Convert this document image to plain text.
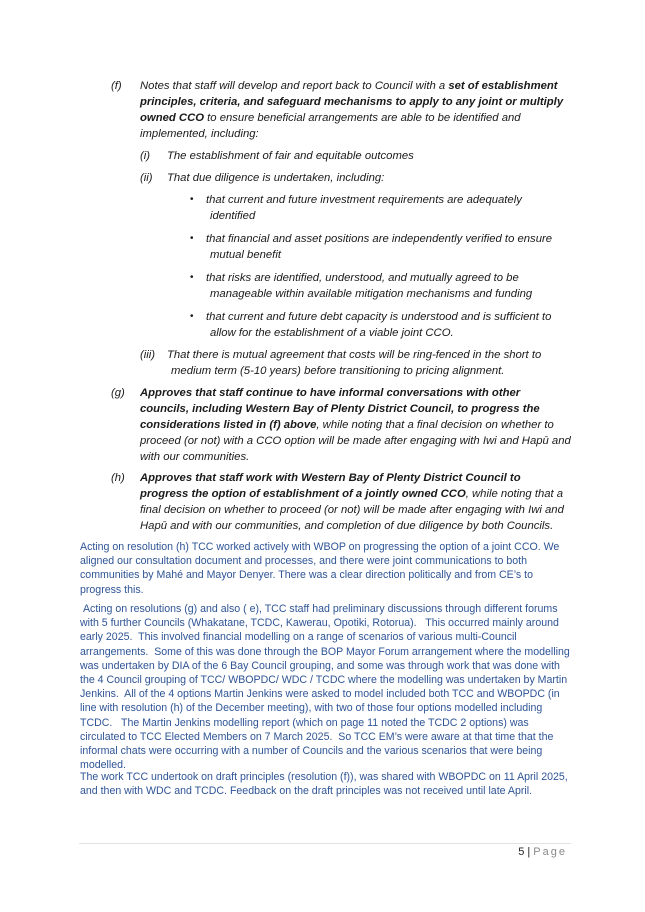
(f)	Notes that staff will develop and report back to Council with a set of establishment principles, criteria, and safeguard mechanisms to apply to any joint or multiply owned CCO to ensure beneficial arrangements are able to be identified and implemented, including:

(i)	The establishment of fair and equitable outcomes

(ii)	That due diligence is undertaken, including:

•	that current and future investment requirements are adequately
identified

•	that financial and asset positions are independently verified to ensure
mutual benefit

•	that risks are identified, understood, and mutually agreed to be
manageable within available mitigation mechanisms and funding

•	that current and future debt capacity is understood and is sufficient to
allow for the establishment of a viable joint CCO.

(iii)	That there is mutual agreement that costs will be ring-fenced in the short to
medium term (5-10 years) before transitioning to pricing alignment.

(g)	Approves that staff continue to have informal conversations with other councils, including Western Bay of Plenty District Council, to progress the considerations listed in (f) above, while noting that a final decision on whether to proceed (or not) with a CCO option will be made after engaging with Iwi and Hapū and with our communities.

(h)	Approves that staff work with Western Bay of Plenty District Council to progress the option of establishment of a jointly owned CCO, while noting that a final decision on whether to proceed (or not) will be made after engaging with Iwi and Hapū and with our communities, and completion of due diligence by both Councils.

Acting on resolution (h) TCC worked actively with WBOP on progressing the option of a joint CCO. We aligned our consultation document and processes, and there were joint communications to both communities by Mahé and Mayor Denyer. There was a clear direction politically and from CE’s to progress this.

Acting on resolutions (g) and also ( e), TCC staff had preliminary discussions through different forums with 5 further Councils (Whakatane, TCDC, Kawerau, Opotiki, Rotorua).   This occurred mainly around early 2025.  This involved financial modelling on a range of scenarios of various multi-Council arrangements.  Some of this was done through the BOP Mayor Forum arrangement where the modelling was undertaken by DIA of the 6 Bay Council grouping, and some was through work that was done with the 4 Council grouping of TCC/ WBOPDC/ WDC / TCDC where the modelling was undertaken by Martin Jenkins.  All of the 4 options Martin Jenkins were asked to model included both TCC and WBOPDC (in line with resolution (h) of the December meeting), with two of those four options modelled including TCDC.   The Martin Jenkins modelling report (which on page 11 noted the TCDC 2 options) was circulated to TCC Elected Members on 7 March 2025.  So TCC EM’s were aware at that time that the informal chats were occurring with a number of Councils and the various scenarios that were being modelled.

The work TCC undertook on draft principles (resolution (f)), was shared with WBOPDC on 11 April 2025, and then with WDC and TCDC. Feedback on the draft principles was not received until late April.

5 | Page
